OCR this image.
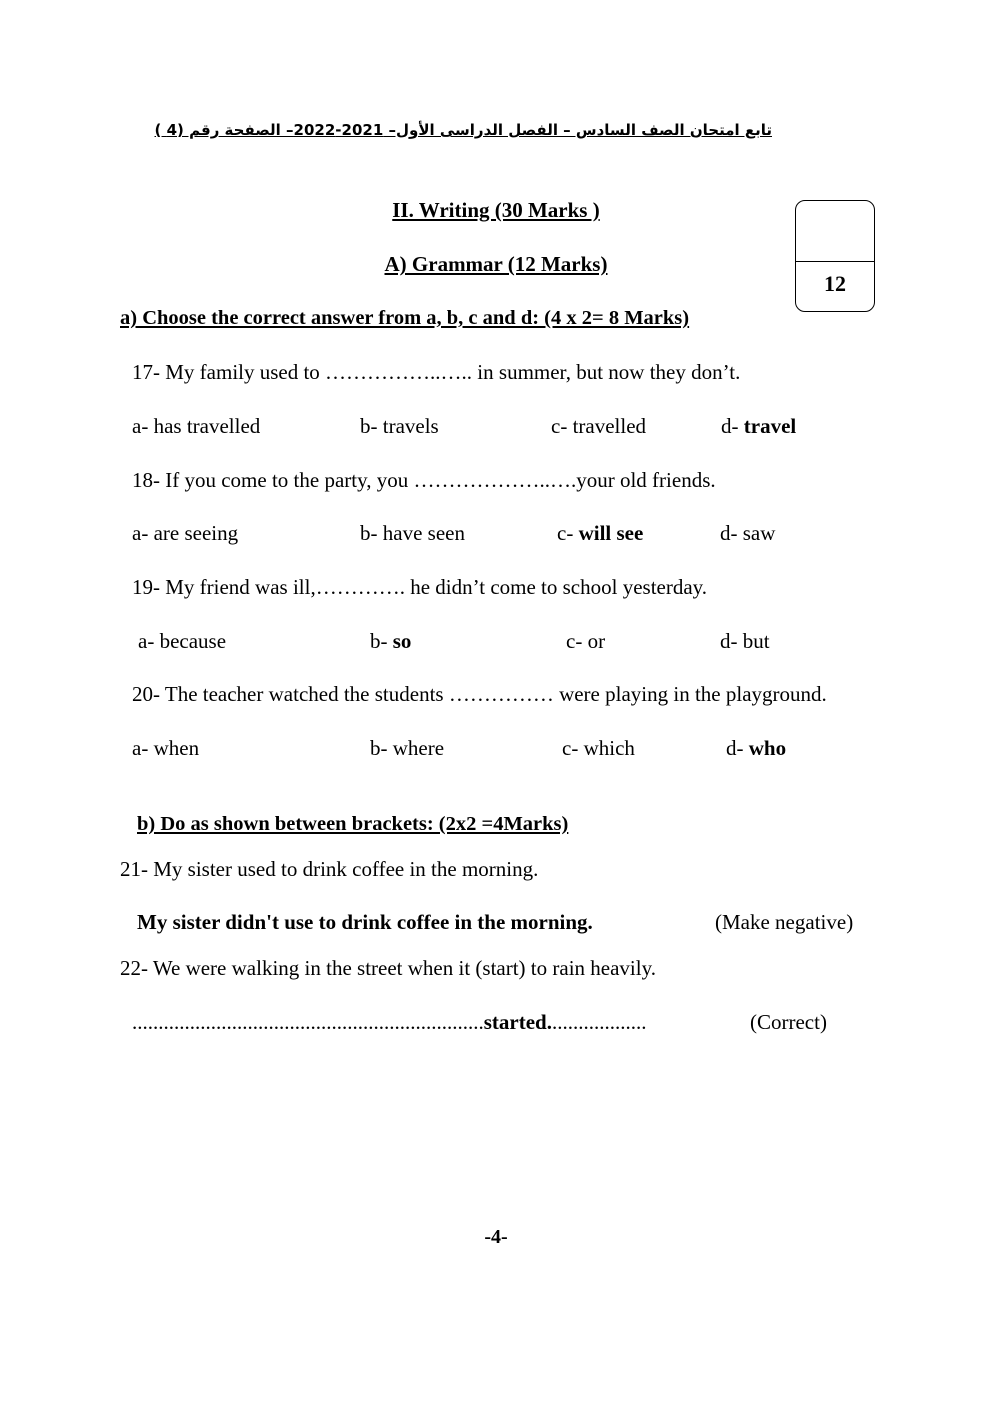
تابع امتحان الصف السادس – الفصل الدراسى الأول– 2021-2022– الصفحة رقم (4 )
II. Writing (30 Marks )
A) Grammar (12 Marks)
12
a) Choose the correct answer from a, b, c and d: (4 x 2= 8 Marks)
17- My family used to ……………..….. in summer, but now they don’t.
a- has travelled	b- travels	c- travelled	d- travel
18- If you come to the party, you ………………..….your old friends.
a- are seeing	b- have seen	c- will see	d- saw
19- My friend was ill,…………. he didn’t come to school yesterday.
a- because	b- so	c- or	d- but
20- The teacher watched the students …………… were playing in the playground.
a- when	b- where	c- which	d- who
b) Do as shown between brackets: (2x2 =4Marks)
21- My sister used to drink coffee in the morning.
My sister didn't use to drink coffee in the morning.	(Make negative)
22- We were walking in the street when it (start) to rain heavily.
...................................................................started...................	(Correct)
-4-
